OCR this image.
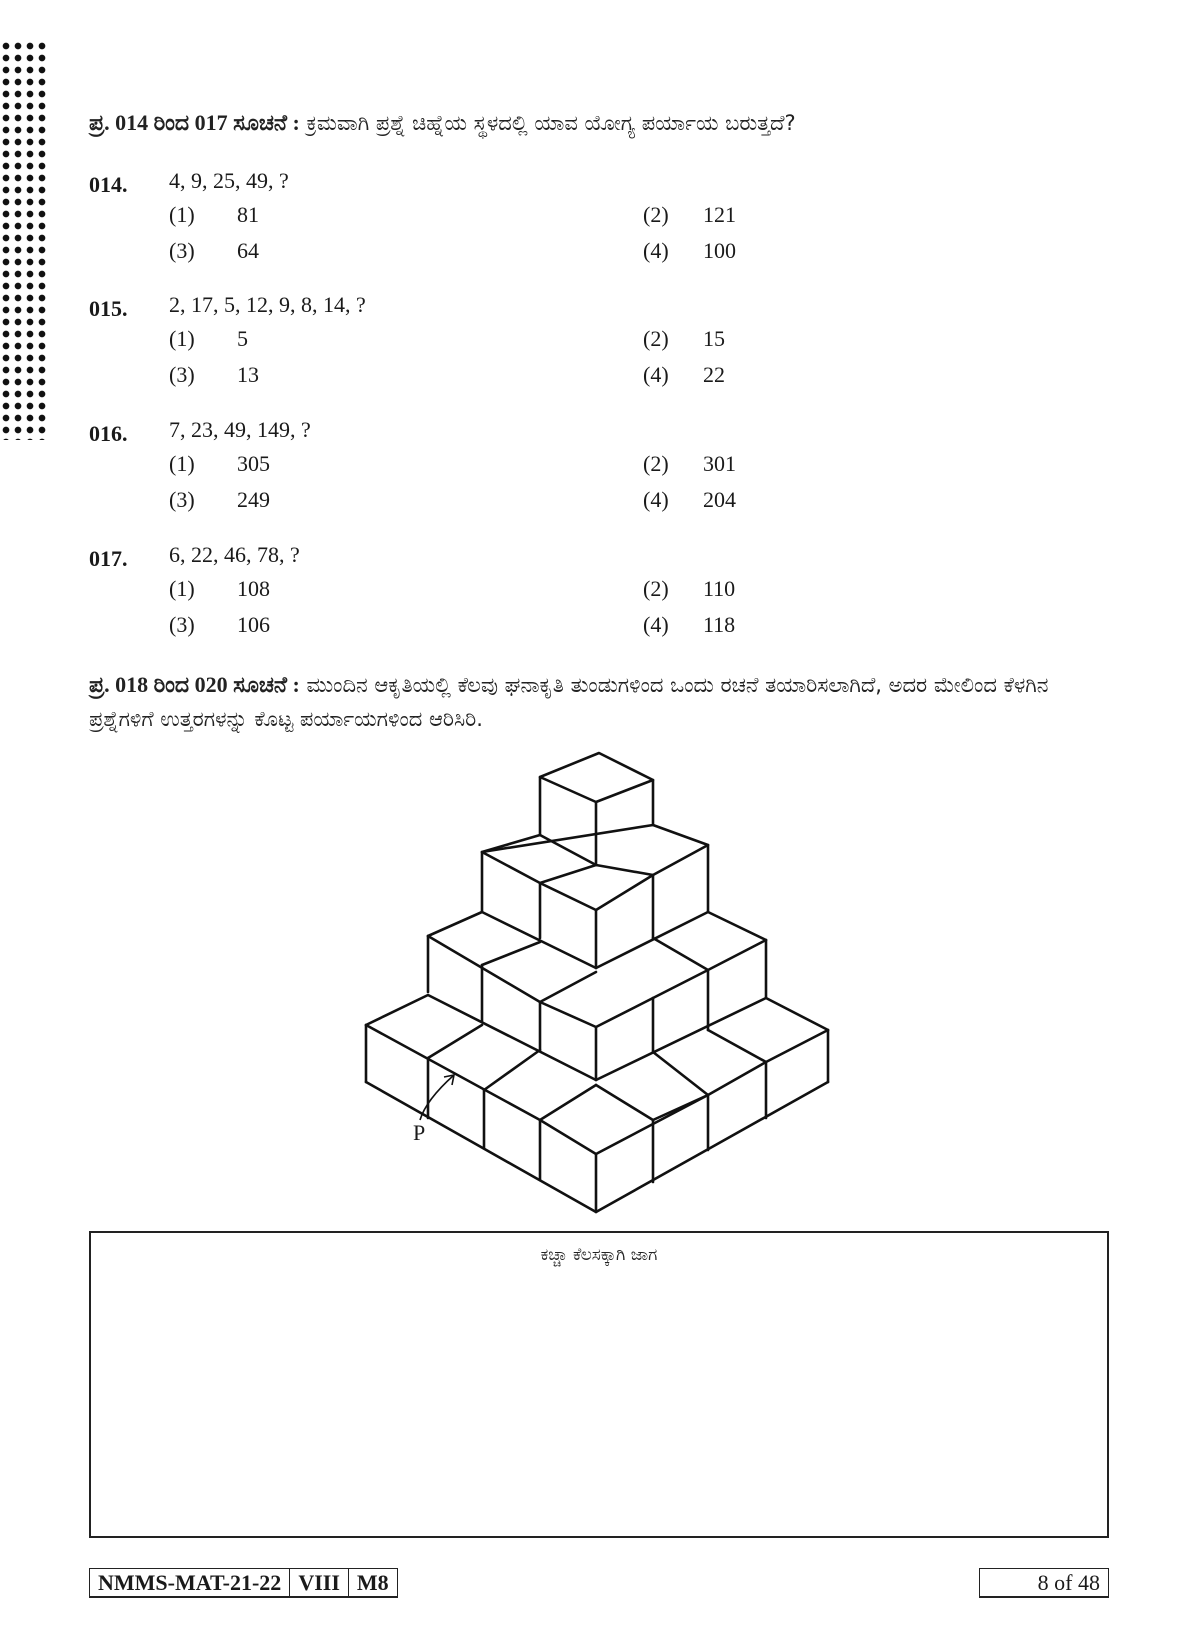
ಪ್ರ. 014 ರಿಂದ 017 ಸೂಚನೆ : ಕ್ರಮವಾಗಿ ಪ್ರಶ್ನೆ ಚಿಹ್ನೆಯ ಸ್ಥಳದಲ್ಲಿ ಯಾವ ಯೋಗ್ಯ ಪರ್ಯಾಯ ಬರುತ್ತದೆ?
014. 4, 9, 25, 49, ?
(1) 81	(2) 121
(3) 64	(4) 100
015. 2, 17, 5, 12, 9, 8, 14, ?
(1) 5	(2) 15
(3) 13	(4) 22
016. 7, 23, 49, 149, ?
(1) 305	(2) 301
(3) 249	(4) 204
017. 6, 22, 46, 78, ?
(1) 108	(2) 110
(3) 106	(4) 118
ಪ್ರ. 018 ರಿಂದ 020 ಸೂಚನೆ : ಮುಂದಿನ ಆಕೃತಿಯಲ್ಲಿ ಕೆಲವು ಘನಾಕೃತಿ ತುಂಡುಗಳಿಂದ ಒಂದು ರಚನೆ ತಯಾರಿಸಲಾಗಿದೆ, ಅದರ ಮೇಲಿಂದ ಕೆಳಗಿನ ಪ್ರಶ್ನೆಗಳಿಗೆ ಉತ್ತರಗಳನ್ನು ಕೊಟ್ಟ ಪರ್ಯಾಯಗಳಿಂದ ಆರಿಸಿರಿ.
P
ಕಚ್ಚಾ ಕೆಲಸಕ್ಕಾಗಿ ಜಾಗ
NMMS-MAT-21-22 VIII M8	8 of 48
